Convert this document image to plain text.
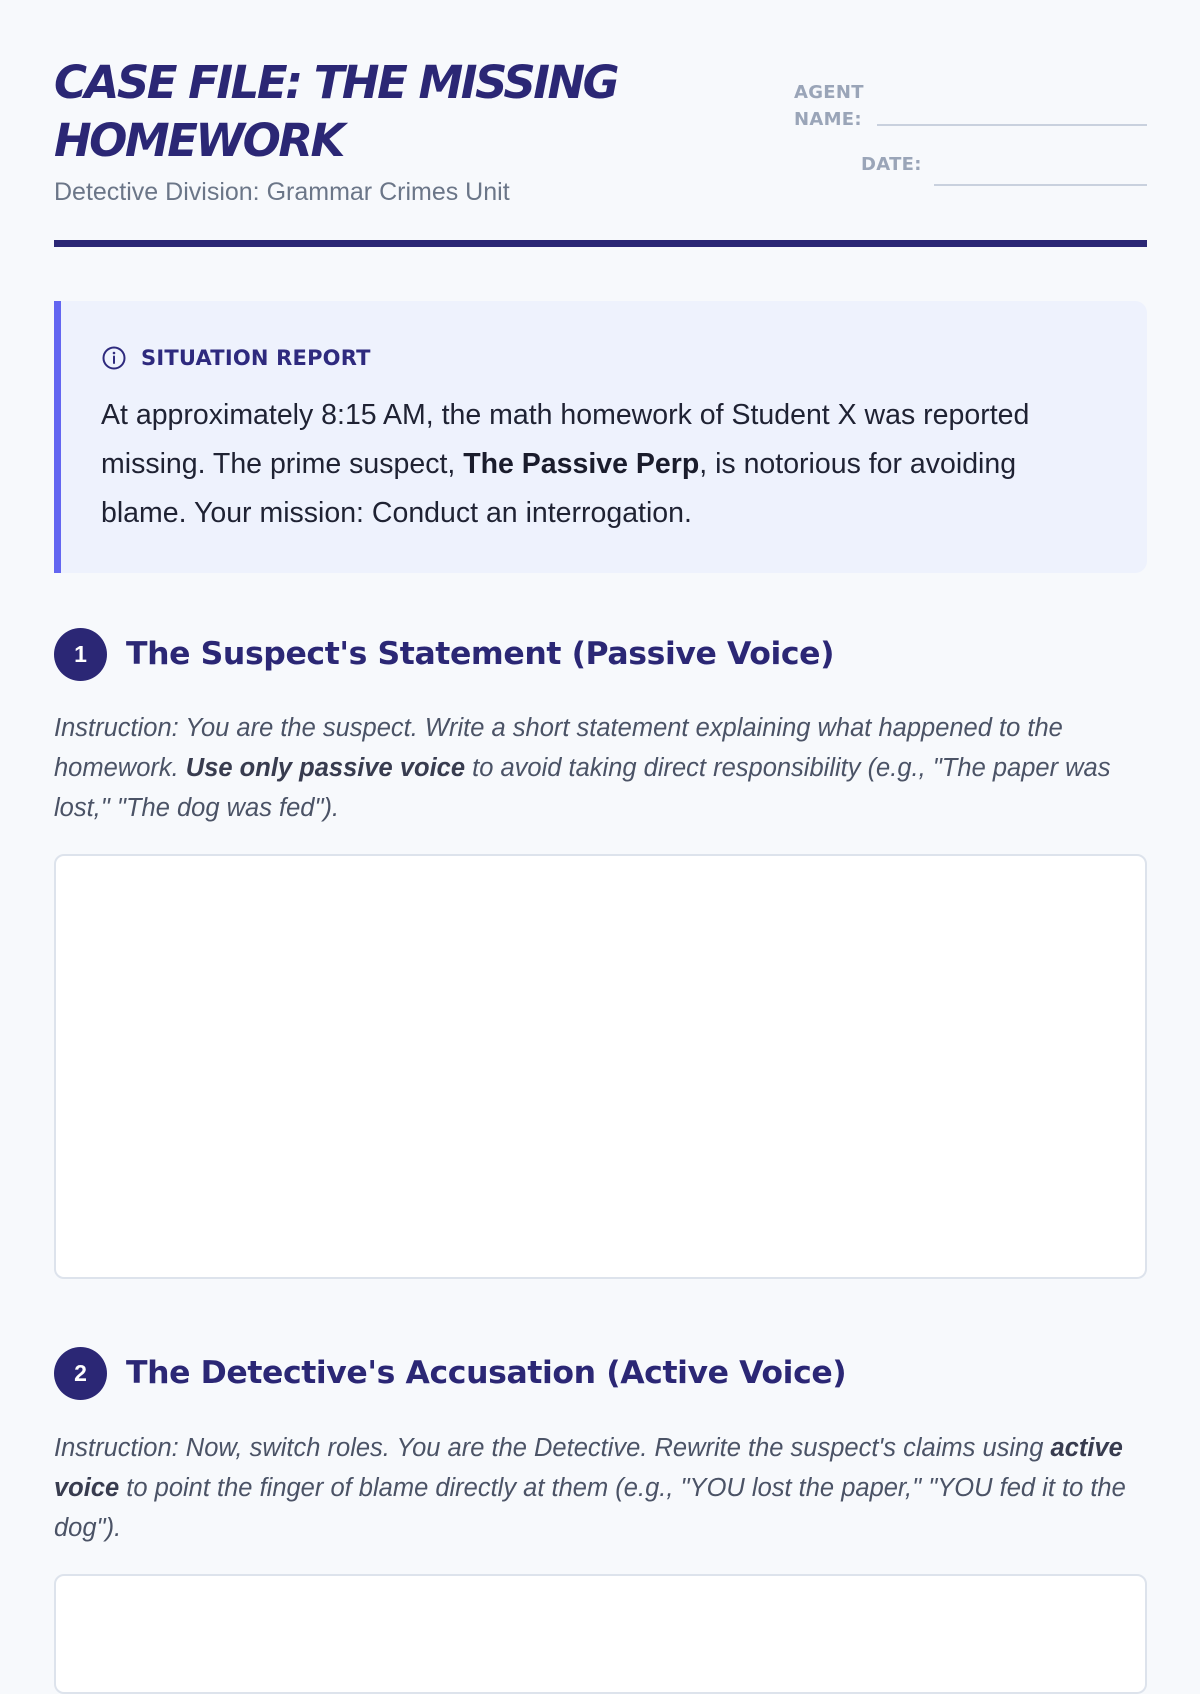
CASE FILE: THE MISSING HOMEWORK
Detective Division: Grammar Crimes Unit
AGENT NAME:
DATE:
SITUATION REPORT
At approximately 8:15 AM, the math homework of Student X was reported missing. The prime suspect, The Passive Perp, is notorious for avoiding blame. Your mission: Conduct an interrogation.
1	The Suspect's Statement (Passive Voice)
Instruction: You are the suspect. Write a short statement explaining what happened to the homework. Use only passive voice to avoid taking direct responsibility (e.g., "The paper was lost," "The dog was fed").
2	The Detective's Accusation (Active Voice)
Instruction: Now, switch roles. You are the Detective. Rewrite the suspect's claims using active voice to point the finger of blame directly at them (e.g., "YOU lost the paper," "YOU fed it to the dog").
